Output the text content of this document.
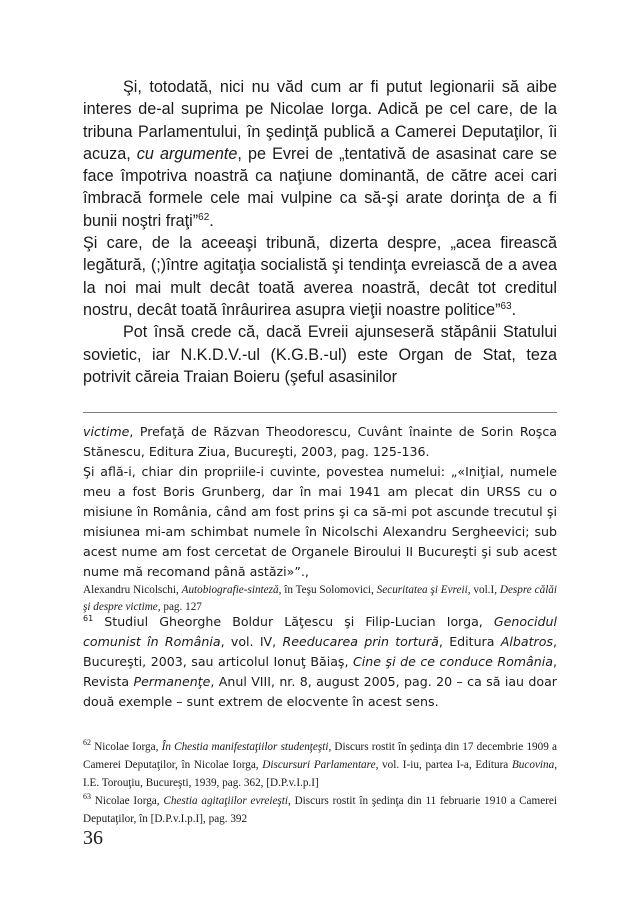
Şi, totodată, nici nu văd cum ar fi putut legionarii să aibe interes de-al suprima pe Nicolae Iorga. Adică pe cel care, de la tribuna Parlamentului, în şedinţă publică a Camerei Deputaţilor, îi acuza, cu argumente, pe Evrei de „tentativă de asasinat care se face împotriva noastră ca naţiune dominantă, de către acei cari îmbracă formele cele mai vulpine ca să-şi arate dorinţa de a fi bunii noştri fraţi”$^{62}$.

Şi care, de la aceeaşi tribună, dizerta despre, „acea firească legătură, (;)între agitaţia socialistă şi tendinţa evreiască de a avea la noi mai mult decât toată averea noastră, decât tot creditul nostru, decât toată înrâurirea asupra vieţii noastre politice”$^{63}$.

Pot însă crede că, dacă Evreii ajunseseră stăpânii Statului sovietic, iar N.K.D.V.-ul (K.G.B.-ul) este Organ de Stat, teza potrivit căreia Traian Boieru (şeful asasinilor

victime, Prefaţă de Răzvan Theodorescu, Cuvânt înainte de Sorin Roşca Stănescu, Editura Ziua, Bucureşti, 2003, pag. 125-136.

Şi află-i, chiar din propriile-i cuvinte, povestea numelui: „«Iniţial, numele meu a fost Boris Grunberg, dar în mai 1941 am plecat din URSS cu o misiune în România, când am fost prins şi ca să-mi pot ascunde trecutul şi misiunea mi-am schimbat numele în Nicolschi Alexandru Sergheevici; sub acest nume am fost cercetat de Organele Biroului II Bucureşti şi sub acest nume mă recomand până astăzi»”.,

Alexandru Nicolschi, Autobiografie-sinteză, în Teşu Solomovici, Securitatea şi Evreii, vol.I, Despre călăi şi despre victime, pag. 127

$^{61}$ Studiul Gheorghe Boldur Lăţescu şi Filip-Lucian Iorga, Genocidul comunist în România, vol. IV, Reeducarea prin tortură, Editura Albatros, Bucureşti, 2003, sau articolul Ionuţ Băiaş, Cine şi de ce conduce România, Revista Permanenţe, Anul VIII, nr. 8, august 2005, pag. 20 – ca să iau doar două exemple – sunt extrem de elocvente în acest sens.

$^{62}$ Nicolae Iorga, În Chestia manifestaţiilor studenţeşti, Discurs rostit în şedinţa din 17 decembrie 1909 a Camerei Deputaţilor, în Nicolae Iorga, Discursuri Parlamentare, vol. I-iu, partea I-a, Editura Bucovina, I.E. Torouţiu, Bucureşti, 1939, pag. 362, [D.P.v.I.p.I]

$^{63}$ Nicolae Iorga, Chestia agitaţiilor evreieşti, Discurs rostit în şedinţa din 11 februarie 1910 a Camerei Deputaţilor, în [D.P.v.I.p.I], pag. 392

36
